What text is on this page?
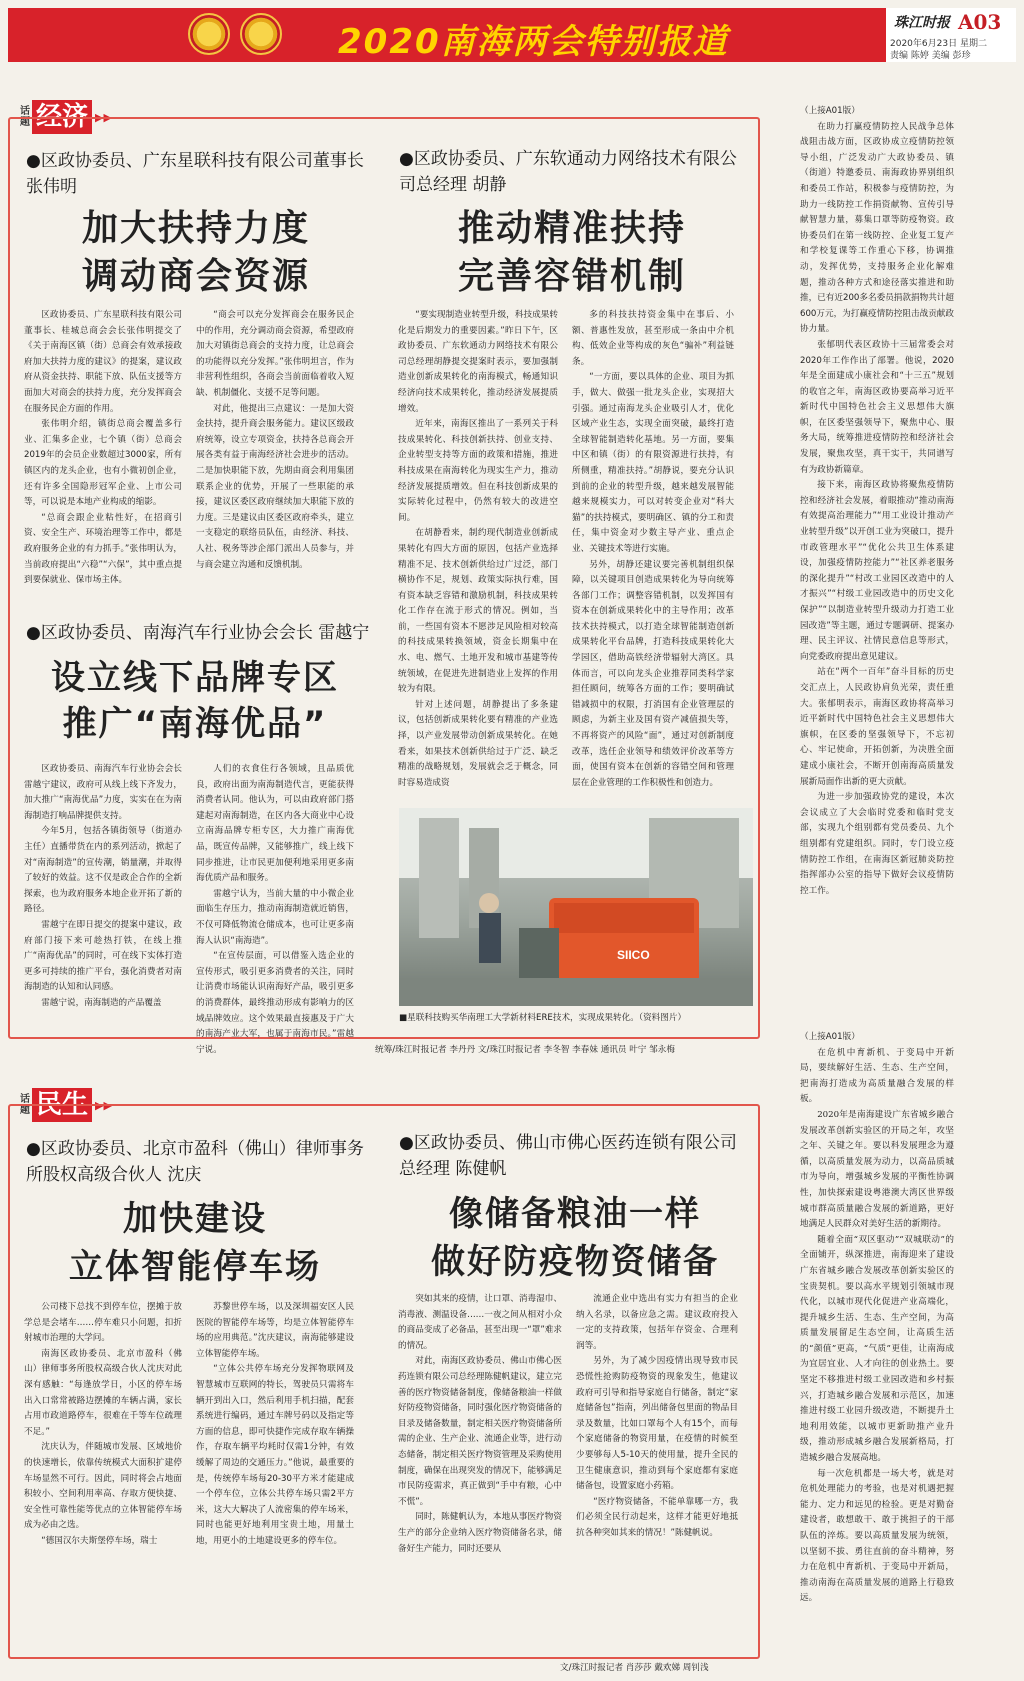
2020南海两会特别报道	珠江时报 A03
2020年6月23日 星期二
责编 陈婷 美编 彭珍
话题 经济 ▶▶
●区政协委员、广东星联科技有限公司董事长张伟明
加大扶持力度
调动商会资源

区政协委员、广东星联科技有限公司董事长、桂城总商会会长张伟明提交了《关于南海区镇（街）总商会有效承接政府加大扶持力度的建议》的提案，建议政府从资金扶持、职能下放、队伍支援等方面加大对商会的扶持力度，充分发挥商会在服务民企方面的作用。

张伟明介绍，镇街总商会覆盖多行业、汇集多企业，七个镇（街）总商会2019年的会员企业数超过3000家，所有镇区内的龙头企业，也有小微初创企业，还有许多全国隐形冠军企业、上市公司等，可以说是本地产业构成的缩影。

“总商会跟企业粘性好，在招商引资、安全生产、环境治理等工作中，都是政府服务企业的有力抓手。”张伟明认为，当前政府提出“六稳”“六保”，其中重点提到要保就业、保市场主体。

“商会可以充分发挥商会在服务民企中的作用，充分调动商会资源，希望政府加大对镇街总商会的支持力度，让总商会的功能得以充分发挥。”张伟明坦言，作为非营利性组织，各商会当前面临着收入短缺、机制僵化、支援不足等问题。

对此，他提出三点建议：一是加大资金扶持，提升商会服务能力。建议区级政府统筹，设立专项资金，扶持各总商会开展各类有益于南海经济社会进步的活动。二是加快职能下放，先期由商会利用集团联系企业的优势，开展了一些职能的承接，建议区委区政府继续加大职能下放的力度。三是建议由区委区政府牵头，建立一支稳定的联络员队伍，由经济、科技、人社、税务等涉企部门派出人员参与，并与商会建立沟通和反馈机制。

●区政协委员、南海汽车行业协会会长 雷越宁
设立线下品牌专区
推广“南海优品”

区政协委员、南海汽车行业协会会长雷越宁建议，政府可从线上线下齐发力，加大推广“南海优品”力度，实实在在为南海制造打响品牌提供支持。

今年5月，包括各镇街领导（街道办主任）直播带货在内的系列活动，掀起了对“南海制造”的宣传潮，销量潮，并取得了较好的效益。这不仅是政企合作的全新探索，也为政府服务本地企业开拓了新的路径。

雷越宁在即日提交的提案中建议，政府部门接下来可趁热打铁，在线上推广“南海优品”的同时，可在线下实体打造更多可持续的推广平台，强化消费者对南海制造的认知和认同感。

雷越宁说，南海制造的产品覆盖

人们的衣食住行各领域，且品质优良，政府出面为南海制造代言，更能获得消费者认同。他认为，可以由政府部门搭建起对南海制造，在区内各大商业中心设立南海品牌专柜专区，大力推广南海优品，既宣传品牌，又能够推广，线上线下同步推进，让市民更加便利地采用更多南海优质产品和服务。

雷越宁认为，当前大量的中小微企业面临生存压力，推动南海制造就近销售，不仅可降低物流仓储成本，也可让更多南海人认识“南海造”。

“在宣传层面，可以借鉴入选企业的宣传形式，吸引更多消费者的关注，同时让消费市场能认识南海好产品，吸引更多的消费群体，最终推动形成有影响力的区域品牌效应。这个效果最直接惠及于广大的南海产业大军，也属于南海市民。”雷越宁说。

●区政协委员、广东软通动力网络技术有限公司总经理 胡静
推动精准扶持
完善容错机制

“要实现制造业转型升级，科技成果转化是后期发力的重要因素。”昨日下午，区政协委员、广东软通动力网络技术有限公司总经理胡静提交提案时表示，要加强制造业创新成果转化的南海模式，畅通知识经济向技术成果转化，推动经济发展提质增效。

近年来，南海区推出了一系列关于科技成果转化、科技创新扶持、创业支持、企业转型支持等方面的政策和措施，推进科技成果在南海转化为现实生产力，推动经济发展提质增效。但在科技创新成果的实际转化过程中，仍然有较大的改进空间。

在胡静看来，制约现代制造业创新成果转化有四大方面的原因，包括产业选择精准不足、技术创新供给过广过泛，部门横协作不足，规划、政策实际执行难，国有资本缺乏容错和激励机制，科技成果转化工作存在流于形式的情况。例如，当前，一些国有资本不愿涉足风险相对较高的科技成果转换领域，资金长期集中在水、电、燃气、土地开发和城市基建等传统领域，在促进先进制造业上发挥的作用较为有限。

针对上述问题，胡静提出了多条建议，包括创新成果转化要有精准的产业选择，以产业发展带动创新成果转化。在她看来，如果技术创新供给过于广泛、缺乏精准的战略规划，发展就会乏于概念，同时容易造成资

多的科技扶持资金集中在事后、小额、普惠性发放，甚至形成一条由中介机构、低效企业等构成的灰色“骗补”利益链条。

“一方面，要以具体的企业、项目为抓手，做大、做强一批龙头企业，实现招大引强。通过南海龙头企业吸引人才，优化区域产业生态，实现全面突破，最终打造全球智能制造转化基地。另一方面，要集中区和镇（街）的有限资源进行扶持，有所侧重，精准扶持。”胡静说，要充分认识到前的企业的转型升级，越来越发展智能越来规模实力，可以对转变企业对“科大猫”的扶持模式，要明确区、镇的分工和责任，集中资金对少数主导产业、重点企业、关键技术等进行实施。

另外，胡静还建议要完善机制组织保障，以关键项目创造成果转化为导向统筹各部门工作；调整容错机制，以发挥国有资本在创新成果转化中的主导作用；改革技术扶持模式，以打造全球智能制造创新成果转化平台品牌，打造科技成果转化大学园区，借助高铁经济带辐射大湾区。具体而言，可以向龙头企业推荐同类科学家担任顾问，统筹各方面的工作；要明确试错减损中的权限，打消国有企业管理层的顾虑，为新主业及国有资产减值损失等，不再将资产的风险“面”，通过对创新制度改革，选任企业领导和绩效评价改革等方面，使国有资本在创新的容错空间和管理层在企业管理的工作积极性和创造力。

SIICO
■星联科技购买华南理工大学新材料ERE技术，实现成果转化。（资料图片）
统筹/珠江时报记者 李丹丹 文/珠江时报记者 李冬智 李春妹 通讯员 叶宁 邹永梅
话题 民生 ▶▶
●区政协委员、北京市盈科（佛山）律师事务所股权高级合伙人 沈庆
加快建设
立体智能停车场

公司楼下总找不到停车位，摆摊于放学总是会堵车……停车难只小问题，扣折射城市治理的大学问。

南海区政协委员、北京市盈科（佛山）律师事务所股权高级合伙人沈庆对此深有感触：“每逢放学日，小区的停车场出入口常常被路边摆摊的车辆占满，家长占用市政道路停车，很难在千等车位疏理不足。”

沈庆认为，伴随城市发展、区域地价的快速增长，依靠传统模式大面积扩建停车场显然不可行。因此，同时将会占地面积较小、空间利用率高、存取方便快捷、安全性可靠性能等优点的立体智能停车场成为必由之选。

“德国汉尔夫斯堡停车场，瑞士

苏黎世停车场，以及深圳福安区人民医院的智能停车场等，均是立体智能停车场的应用典范。”沈庆建议，南海能够建设立体智能停车场。

“立体公共停车场充分发挥物联网及智慧城市互联网的特长，驾驶员只需将车辆开到出入口，然后利用手机扫描，配套系统进行编码，通过车牌号码以及指定等方面的信息，即可快捷作完成存取车辆操作，存取车辆平均耗时仅需1分钟，有效缓解了周边的交通压力。”他说，最重要的是，传统停车场每20-30平方米才能建成一个停车位，立体公共停车场只需2平方米，这大大解决了人流密集的停车场米，同时也能更好地利用宝贵土地，用量土地，用更小的土地建设更多的停车位。

●区政协委员、佛山市佛心医药连锁有限公司总经理 陈健帆
像储备粮油一样
做好防疫物资储备

突如其来的疫情，让口罩、消毒湿巾、消毒液、测温设备……一夜之间从相对小众的商品变成了必备品，甚至出现一“罩”难求的情况。

对此，南海区政协委员、佛山市佛心医药连锁有限公司总经理陈健帆建议，建立完善的医疗物资储备制度，像储备粮油一样做好防疫物资储备，同时强化医疗物资储备的目录及储备数量，制定相关医疗物资储备所需的企业、生产企业、流通企业等，进行动态储备，制定相关医疗物资管理及采购使用制度，确保在出现突发的情况下，能够满足市民防疫需求，真正做到“手中有粮，心中不慌”。

同时，陈健帆认为，本地从事医疗物资生产的部分企业纳入医疗物资储备名录，储备好生产能力，同时还要从

流通企业中选出有实力有担当的企业纳入名录，以备应急之需。建议政府投入一定的支持政策，包括年存资金、合理利润等。

另外，为了减少因疫情出现导致市民恐慌性抢购防疫物资的现象发生，他建议政府可引导和指导家庭自行储备，制定“家庭储备包”指南，列出储备包里面的物品目录及数量，比如口罩每个人有15个，而每个家庭储备的物资用量，在疫情的时候至少要够每人5-10天的使用量，提升全民的卫生健康意识，推动到每个家庭都有家庭储备包，设置家庭小药箱。

“医疗物资储备，不能单靠哪一方，我们必须全民行动起来，这样才能更好地抵抗各种突如其来的情况！”陈健帆说。

文/珠江时报记者 肖莎莎 戴欢娣 周钊浅

（上接A01版）

在助力打赢疫情防控人民战争总体战阻击战方面，区政协成立疫情防控领导小组，广泛发动广大政协委员、镇（街道）特邀委员、南海政协界别组织和委员工作站，积极参与疫情防控，为助力一线防控工作捐资献物、宣传引导献智慧力量，募集口罩等防疫物资。政协委员们在第一线防控、企业复工复产和学校复课等工作重心下移，协调推动，发挥优势，支持服务企业化解难题，推动各种方式和途径落实推进和助推，已有近200多名委员捐款捐物共计超600万元，为打赢疫情防控阻击战贡献政协力量。

张郁明代表区政协十三届常委会对2020年工作作出了部署。他说，2020年是全面建成小康社会和“十三五”规划的收官之年，南海区政协要高举习近平新时代中国特色社会主义思想伟大旗帜，在区委坚强领导下，聚焦中心、服务大局，统筹推进疫情防控和经济社会发展，聚焦攻坚，真干实干，共同谱写有为政协新篇章。

接下来，南海区政协将聚焦疫情防控和经济社会发展，着眼推动“推动南海有效提高治理能力”“用工业设计推动产业转型升级”以开创工业为突破口，提升市政管理水平”“优化公共卫生体系建设，加强疫情防控能力”“社区养老服务的深化提升”“村改工业园区改造中的人才振兴”“村级工业园改造中的历史文化保护”“以制造业转型升级动力打造工业园改造”等主题，通过专题调研、提案办理、民主评议、社情民意信息等形式，向党委政府提出意见建议。

站在“两个一百年”奋斗目标的历史交汇点上，人民政协肩负光荣，责任重大。张郁明表示，南海区政协将高举习近平新时代中国特色社会主义思想伟大旗帜，在区委的坚强领导下，不忘初心、牢记使命，开拓创新，为决胜全面建成小康社会，不断开创南海高质量发展新局面作出新的更大贡献。

为进一步加强政协党的建设，本次会议成立了大会临时党委和临时党支部，实现九个组别都有党员委员、九个组别都有党建组织。同时，专门设立疫情防控工作组，在南海区新冠肺炎防控指挥部办公室的指导下做好会议疫情防控工作。

（上接A01版）

在危机中育新机、于变局中开新局，要续解好生活、生态、生产空间，把南海打造成为高质量融合发展的样板。

2020年是南海建设广东省城乡融合发展改革创新实验区的开局之年，攻坚之年、关键之年。要以科发展理念为遵循，以高质量发展为动力，以高品质城市为导向，增强城乡发展的平衡性协调性，加快探索建设粤港澳大湾区世界级城市群高质量融合发展的新道路，更好地满足人民群众对美好生活的新期待。

随着全面“双区驱动”“双城联动”的全面铺开，纵深推进，南海迎来了建设广东省城乡融合发展改革创新实验区的宝贵契机。要以高水平规划引领城市现代化，以城市现代化促进产业高端化，提升城乡生活、生态、生产空间，为高质量发展留足生态空间，让高质生活的“颜值”更高，“气质”更佳，让南海成为宜居宜业、人才向往的创业热土。要坚定不移推进村级工业园改造和乡村振兴，打造城乡融合发展和示范区，加速推进村级工业园升级改造，不断提升土地利用效能，以城市更新助推产业升级，推动形成城乡融合发展新格局，打造城乡融合发展高地。

每一次危机都是一场大考，就是对危机处理能力的考验，也是对机遇把握能力、定力和远见的检验。更是对勤奋建设者，敢想敢干、敢于挑担子的干部队伍的淬炼。要以高质量发展为统领，以坚韧不拔、勇往直前的奋斗精神，努力在危机中育新机、于变局中开新局，推动南海在高质量发展的道路上行稳致远。
